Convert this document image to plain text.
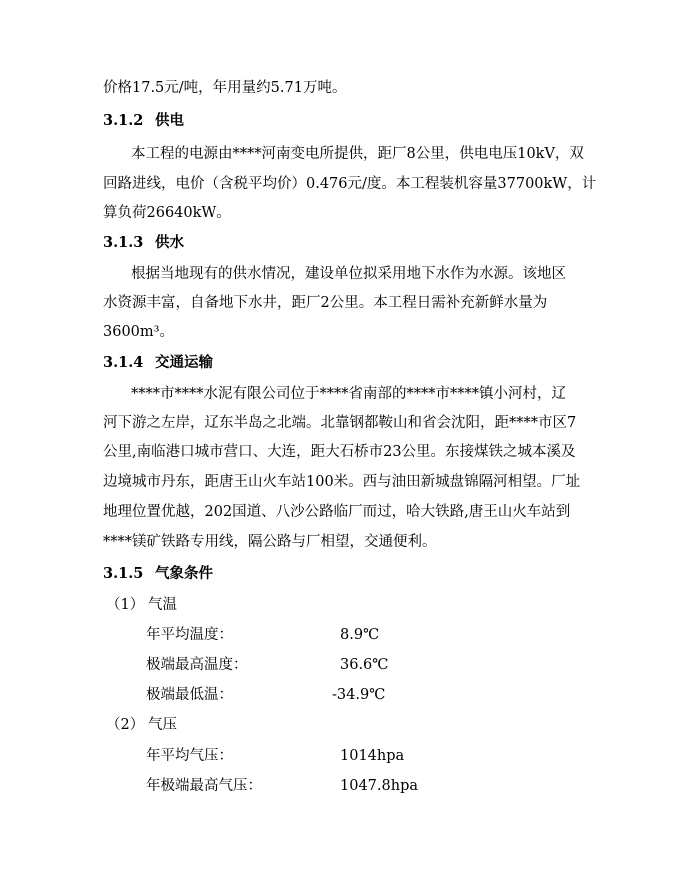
价格17.5元/吨，年用量约5.71万吨。
3.1.2 供电
本工程的电源由****河南变电所提供，距厂8公里，供电电压10kV，双
回路进线，电价（含税平均价）0.476元/度。本工程装机容量37700kW，计
算负荷26640kW。
3.1.3 供水
根据当地现有的供水情况，建设单位拟采用地下水作为水源。该地区
水资源丰富，自备地下水井，距厂2公里。本工程日需补充新鲜水量为
3600m³。
3.1.4 交通运输
****市****水泥有限公司位于****省南部的****市****镇小河村，辽
河下游之左岸，辽东半岛之北端。北靠钢都鞍山和省会沈阳，距****市区7
公里,南临港口城市营口、大连，距大石桥市23公里。东接煤铁之城本溪及
边境城市丹东，距唐王山火车站100米。西与油田新城盘锦隔河相望。厂址
地理位置优越，202国道、八沙公路临厂而过，哈大铁路,唐王山火车站到
****镁矿铁路专用线，隔公路与厂相望，交通便利。
3.1.5 气象条件
（1） 气温
年平均温度：	8.9℃
极端最高温度：	36.6℃
极端最低温：	-34.9℃
（2） 气压
年平均气压：	1014hpa
年极端最高气压：	1047.8hpa
